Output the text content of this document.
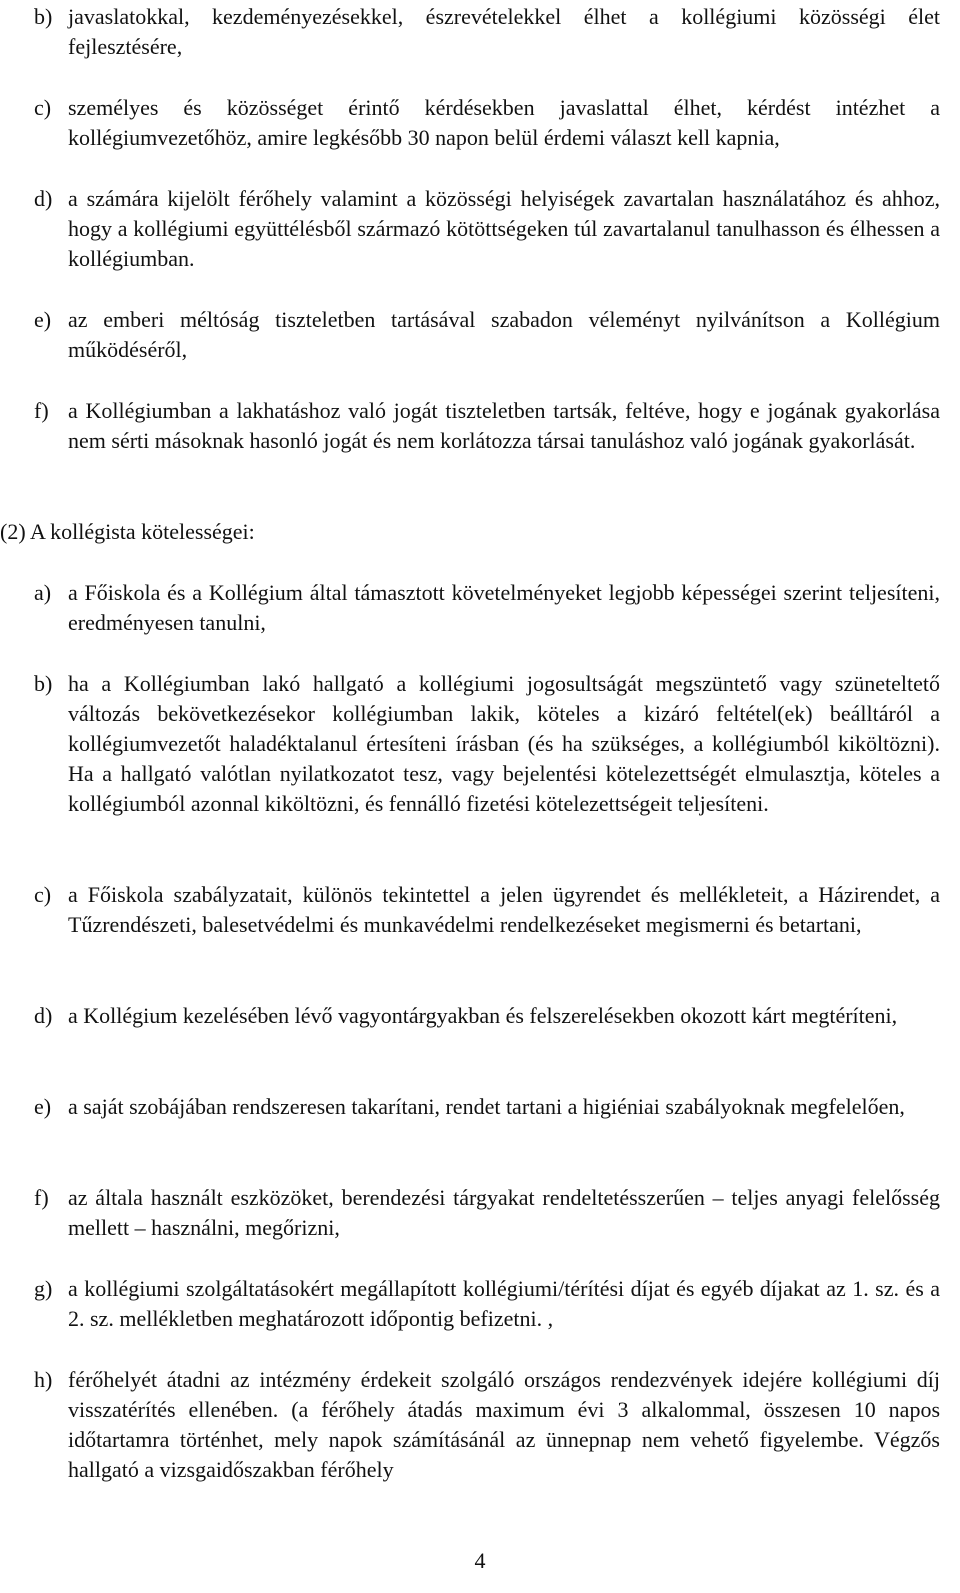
b) javaslatokkal, kezdeményezésekkel, észrevételekkel élhet a kollégiumi közösségi élet fejlesztésére,
c) személyes és közösséget érintő kérdésekben javaslattal élhet, kérdést intézhet a kollégiumvezetőhöz, amire legkésőbb 30 napon belül érdemi választ kell kapnia,
d) a számára kijelölt férőhely valamint a közösségi helyiségek zavartalan használatához és ahhoz, hogy a kollégiumi együttélésből származó kötöttségeken túl zavartalanul tanulhasson és élhessen a kollégiumban.
e) az emberi méltóság tiszteletben tartásával szabadon véleményt nyilvánítson a Kollégium működéséről,
f) a Kollégiumban a lakhatáshoz való jogát tiszteletben tartsák, feltéve, hogy e jogának gyakorlása nem sérti másoknak hasonló jogát és nem korlátozza társai tanuláshoz való jogának gyakorlását.
(2) A kollégista kötelességei:
a) a Főiskola és a Kollégium által támasztott követelményeket legjobb képességei szerint teljesíteni, eredményesen tanulni,
b) ha a Kollégiumban lakó hallgató a kollégiumi jogosultságát megszüntető vagy szüneteltető változás bekövetkezésekor kollégiumban lakik, köteles a kizáró feltétel(ek) beálltáról a kollégiumvezetőt haladéktalanul értesíteni írásban (és ha szükséges, a kollégiumból kiköltözni). Ha a hallgató valótlan nyilatkozatot tesz, vagy bejelentési kötelezettségét elmulasztja, köteles a kollégiumból azonnal kiköltözni, és fennálló fizetési kötelezettségeit teljesíteni.
c) a Főiskola szabályzatait, különös tekintettel a jelen ügyrendet és mellékleteit, a Házirendet, a Tűzrendészeti, balesetvédelmi és munkavédelmi rendelkezéseket megismerni és betartani,
d) a Kollégium kezelésében lévő vagyontárgyakban és felszerelésekben okozott kárt megtéríteni,
e) a saját szobájában rendszeresen takarítani, rendet tartani a higiéniai szabályoknak megfelelően,
f) az általa használt eszközöket, berendezési tárgyakat rendeltetésszerűen – teljes anyagi felelősség mellett – használni, megőrizni,
g) a kollégiumi szolgáltatásokért megállapított kollégiumi/térítési díjat és egyéb díjakat az 1. sz. és a 2. sz. mellékletben meghatározott időpontig befizetni. ,
h) férőhelyét átadni az intézmény érdekeit szolgáló országos rendezvények idejére kollégiumi díj visszatérítés ellenében. (a férőhely átadás maximum évi 3 alkalommal, összesen 10 napos időtartamra történhet, mely napok számításánál az ünnepnap nem vehető figyelembe. Végzős hallgató a vizsgaidőszakban férőhely
4
